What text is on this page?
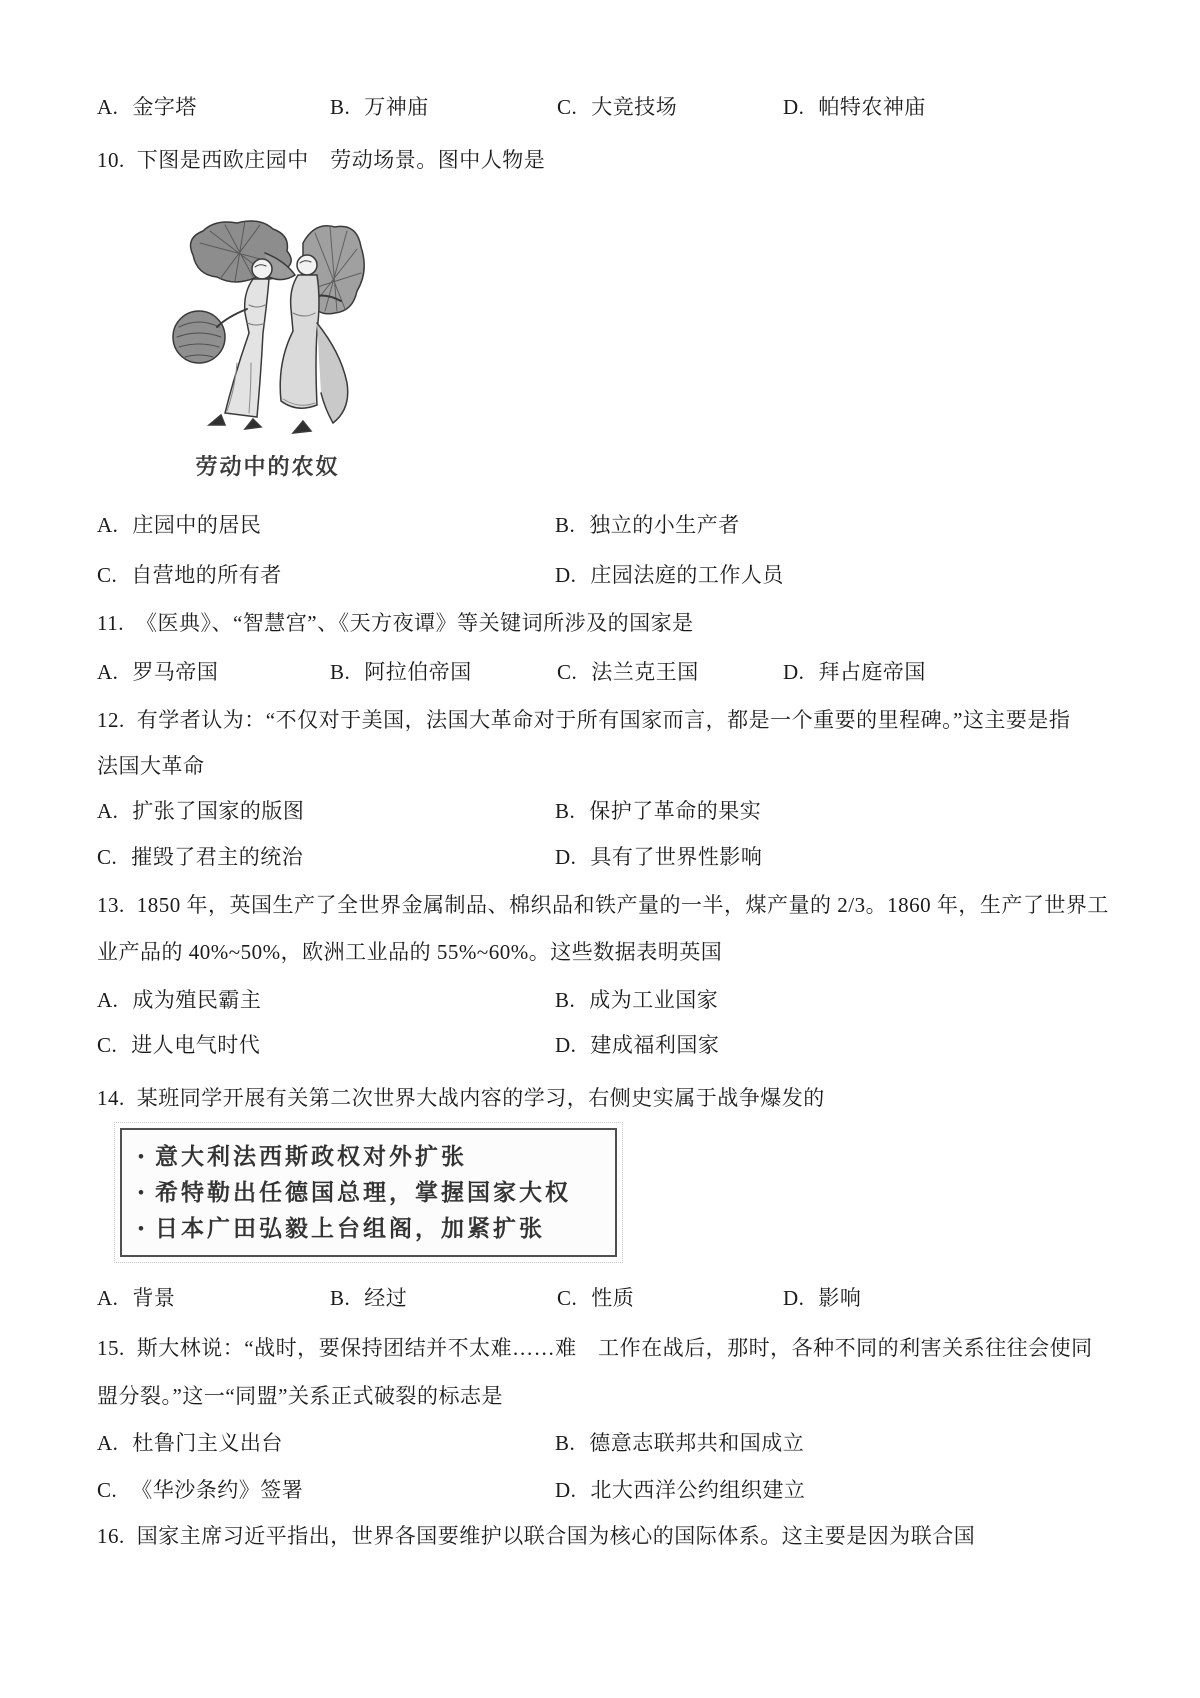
A. 金字塔	B. 万神庙	C. 大竞技场	D. 帕特农神庙
10. 下图是西欧庄园中　劳动场景。图中人物是
劳动中的农奴
A. 庄园中的居民	B. 独立的小生产者
C. 自营地的所有者	D. 庄园法庭的工作人员
11. 《医典》、“智慧宫”、《天方夜谭》等关键词所涉及的国家是
A. 罗马帝国	B. 阿拉伯帝国	C. 法兰克王国	D. 拜占庭帝国
12. 有学者认为：“不仅对于美国，法国大革命对于所有国家而言，都是一个重要的里程碑。”这主要是指
法国大革命
A. 扩张了国家的版图	B. 保护了革命的果实
C. 摧毁了君主的统治	D. 具有了世界性影响
13. 1850 年，英国生产了全世界金属制品、棉织品和铁产量的一半，煤产量的 2/3。1860 年，生产了世界工
业产品的 40%~50%，欧洲工业品的 55%~60%。这些数据表明英国
A. 成为殖民霸主	B. 成为工业国家
C. 进人电气时代	D. 建成福利国家
14. 某班同学开展有关第二次世界大战内容的学习，右侧史实属于战争爆发的
• 意大利法西斯政权对外扩张
• 希特勒出任德国总理，掌握国家大权
• 日本广田弘毅上台组阁，加紧扩张
A. 背景	B. 经过	C. 性质	D. 影响
15. 斯大林说：“战时，要保持团结并不太难……难　工作在战后，那时，各种不同的利害关系往往会使同
盟分裂。”这一“同盟”关系正式破裂的标志是
A. 杜鲁门主义出台	B. 德意志联邦共和国成立
C. 《华沙条约》签署	D. 北大西洋公约组织建立
16. 国家主席习近平指出，世界各国要维护以联合国为核心的国际体系。这主要是因为联合国
